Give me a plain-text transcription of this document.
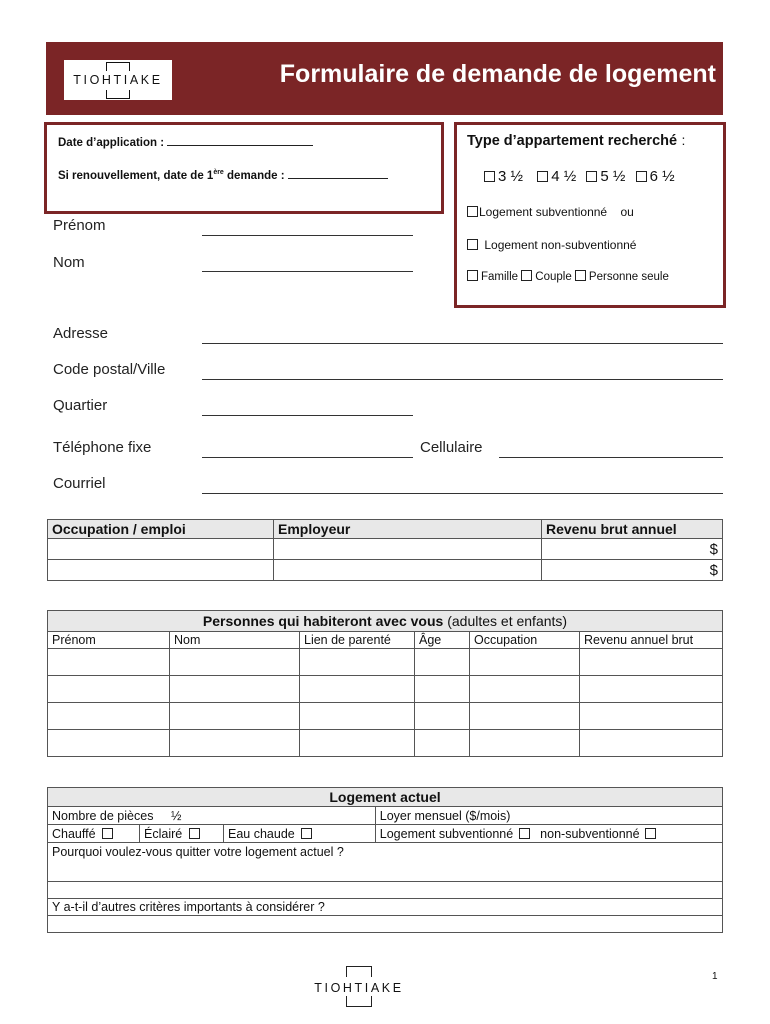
TIOHTIAKE	Formulaire de demande de logement
Date d’application :
Si renouvellement, date de 1ère demande :
Type d’appartement recherché :
3 ½ 4 ½ 5 ½ 6 ½
Logement subventionné ou
Logement non-subventionné
Famille Couple Personne seule
Prénom
Nom
Adresse
Code postal/Ville
Quartier
Téléphone fixe	Cellulaire
Courriel
Occupation / emploi	Employeur	Revenu brut annuel
		$
		$
Personnes qui habiteront avec vous (adultes et enfants)					
Prénom	Nom	Lien de parenté	Âge	Occupation	Revenu annuel brut

Logement actuel			
Nombre de pièces ½			Loyer mensuel ($/mois)
Chauffé	Éclairé	Eau chaude	Logement subventionné non-subventionné
Pourquoi voulez-vous quitter votre logement actuel ?			

Y a-t-il d’autres critères importants à considérer ?			

TIOHTIAKE
1
